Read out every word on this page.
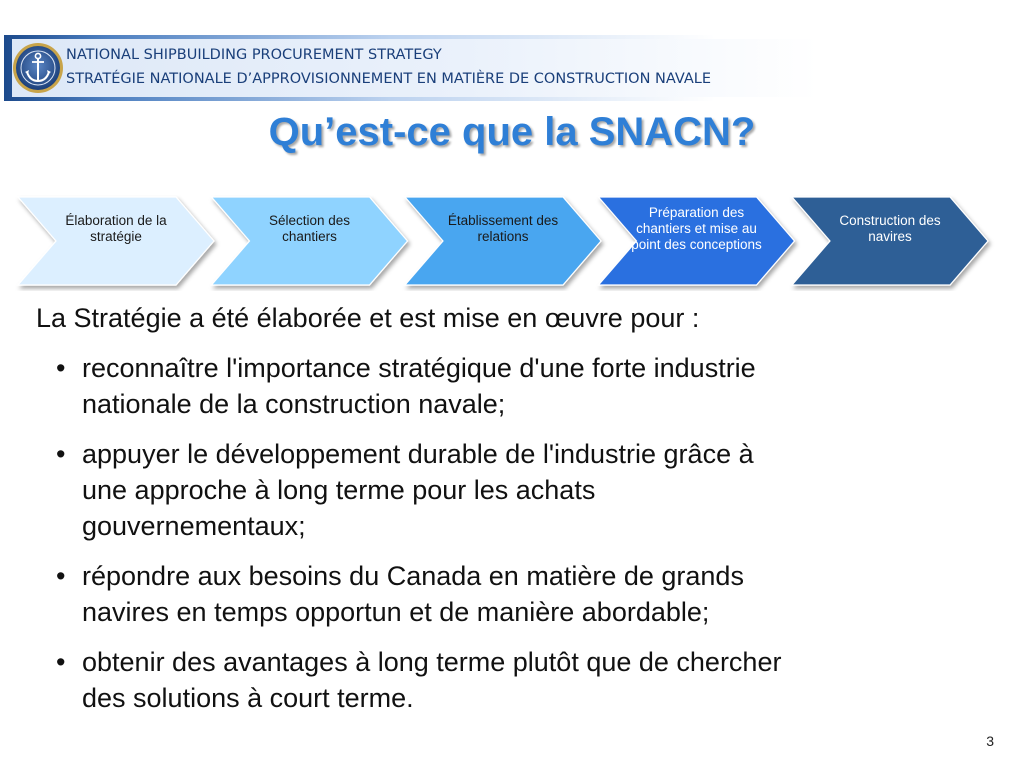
NATIONAL SHIPBUILDING PROCUREMENT STRATEGY
STRATÉGIE NATIONALE D’APPROVISIONNEMENT EN MATIÈRE DE CONSTRUCTION NAVALE
Qu’est-ce que la SNACN?
Élaboration de la stratégie
Sélection des chantiers
Établissement des relations
Préparation des chantiers et mise au point des conceptions
Construction des navires
La Stratégie a été élaborée et est mise en œuvre pour :
• reconnaître l'importance stratégique d'une forte industrie
nationale de la construction navale;
• appuyer le développement durable de l'industrie grâce à
une approche à long terme pour les achats
gouvernementaux;
• répondre aux besoins du Canada en matière de grands
navires en temps opportun et de manière abordable;
• obtenir des avantages à long terme plutôt que de chercher
des solutions à court terme.
3
